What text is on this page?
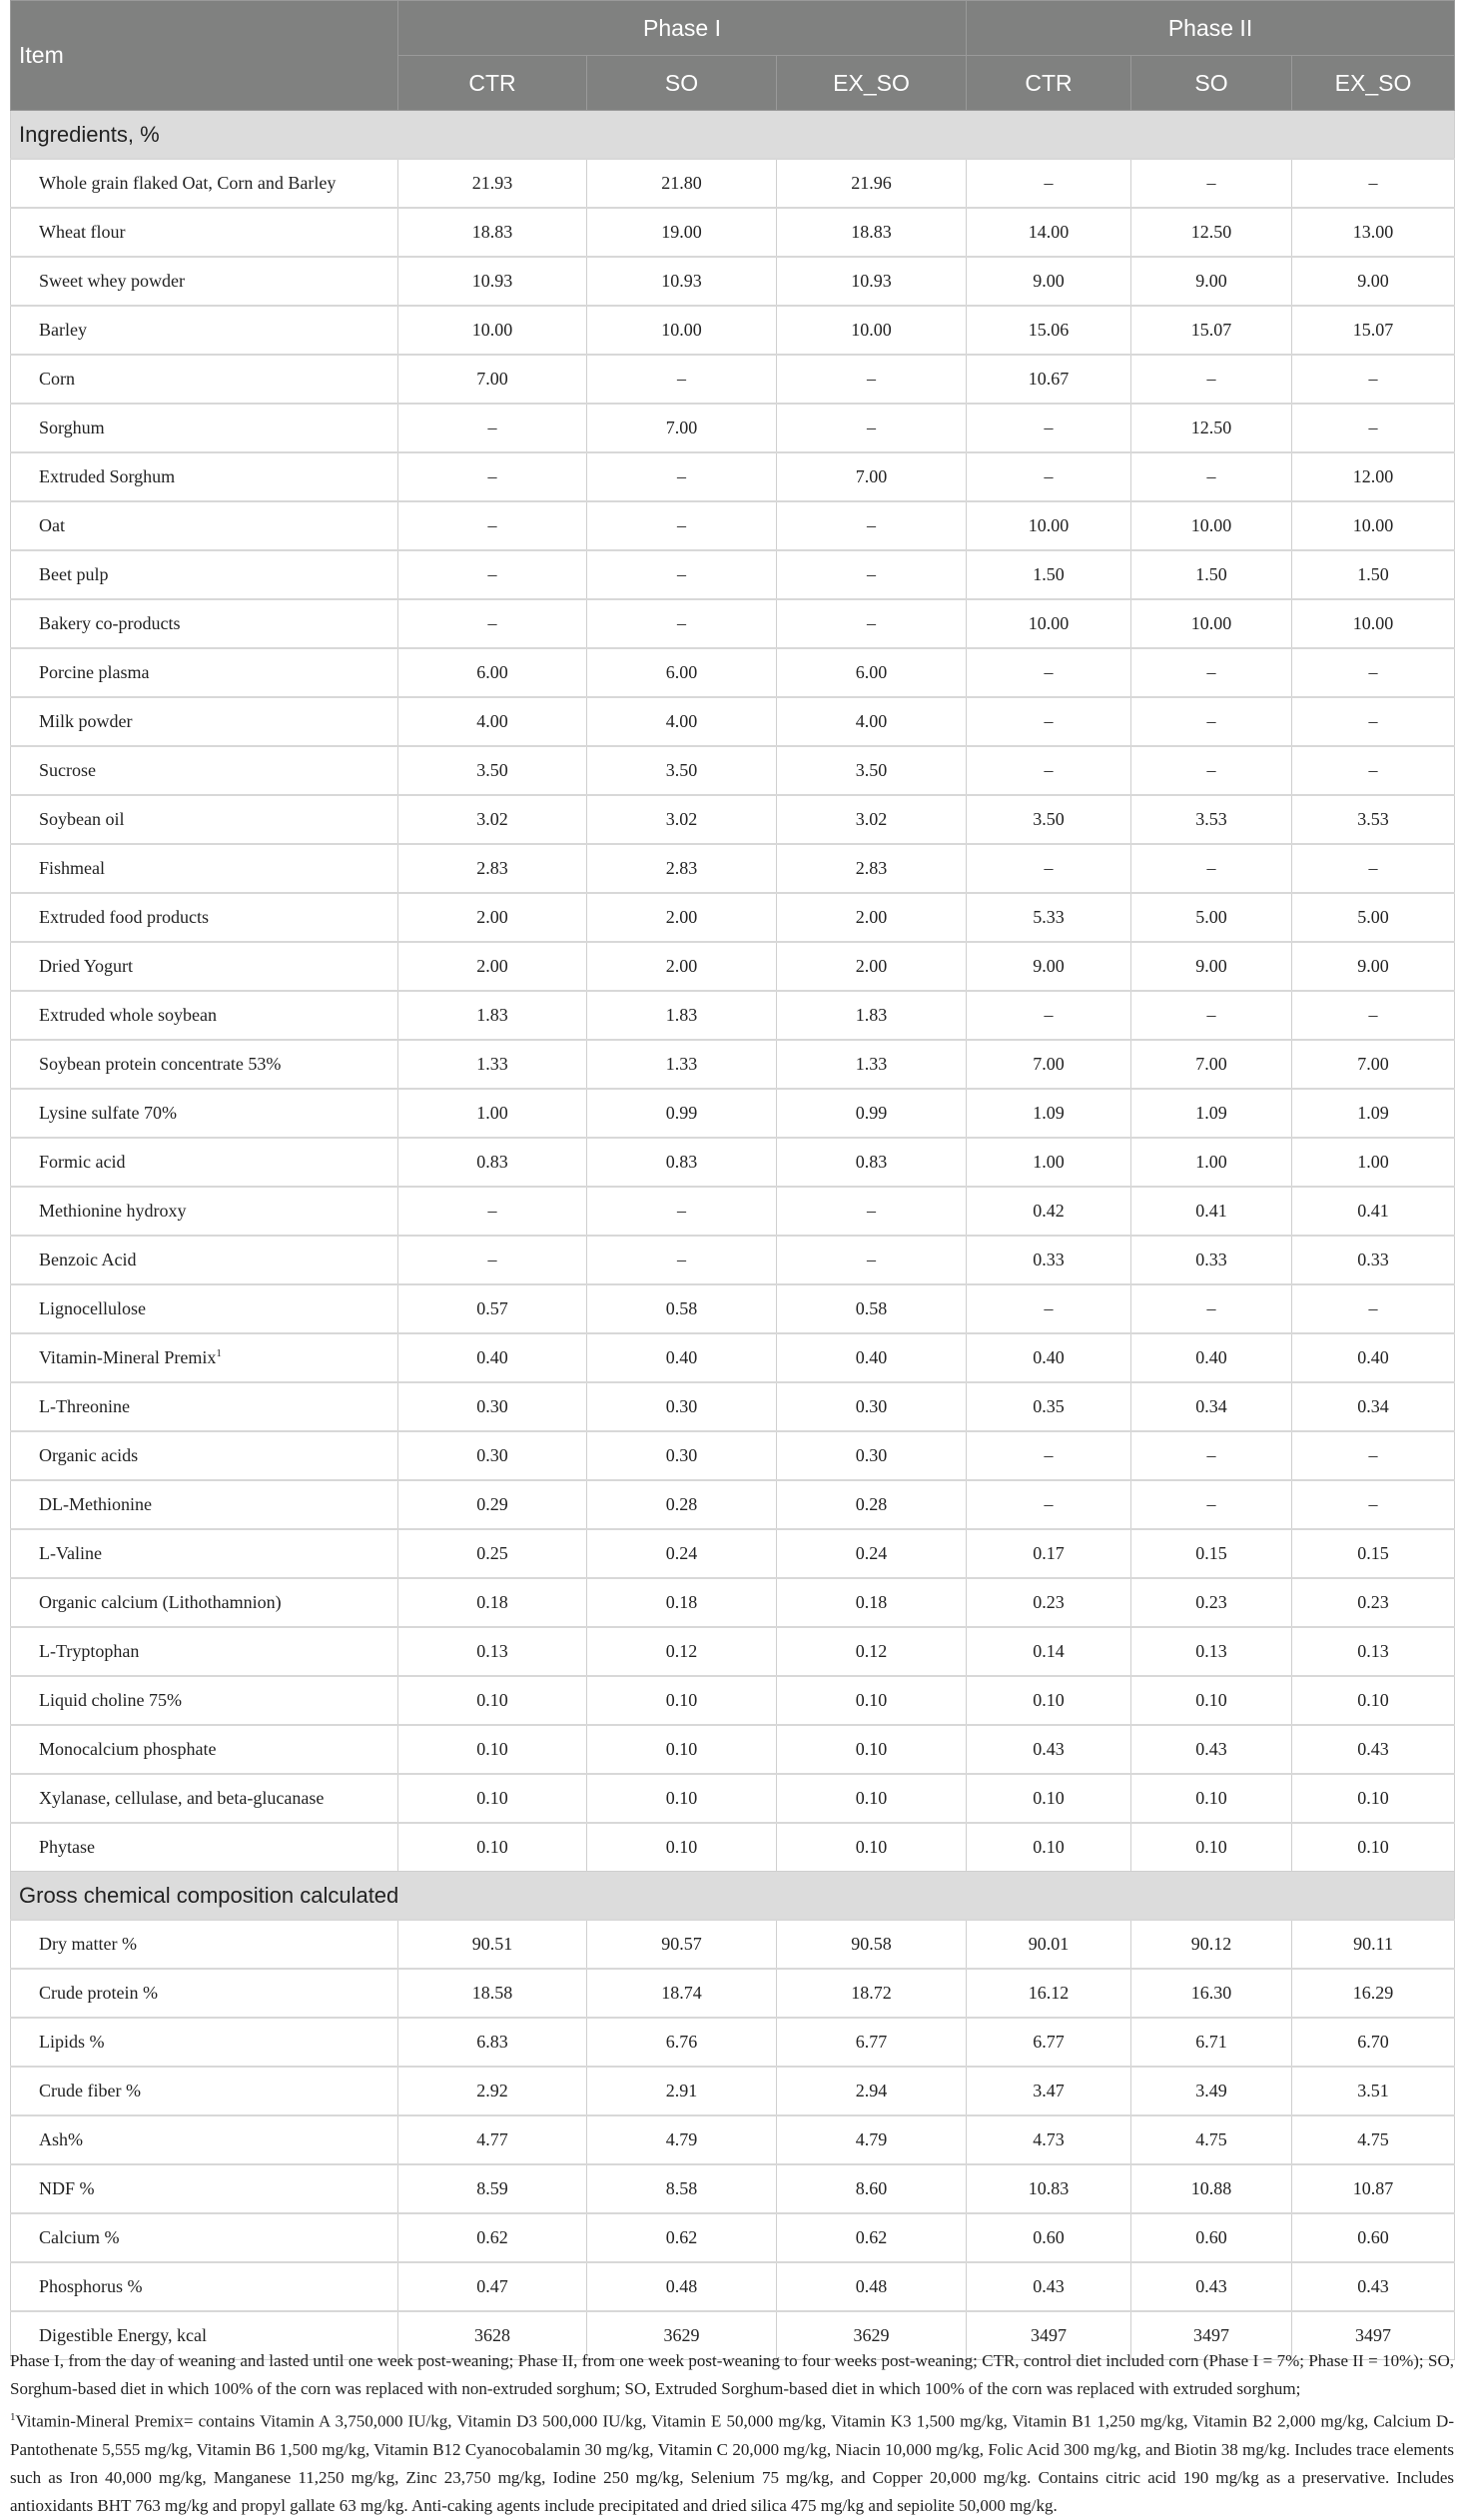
Item	Phase I			Phase II		
	CTR	SO	EX_SO	CTR	SO	EX_SO
Ingredients, %						
Whole grain flaked Oat, Corn and Barley	21.93	21.80	21.96	–	–	–
Wheat flour	18.83	19.00	18.83	14.00	12.50	13.00
Sweet whey powder	10.93	10.93	10.93	9.00	9.00	9.00
Barley	10.00	10.00	10.00	15.06	15.07	15.07
Corn	7.00	–	–	10.67	–	–
Sorghum	–	7.00	–	–	12.50	–
Extruded Sorghum	–	–	7.00	–	–	12.00
Oat	–	–	–	10.00	10.00	10.00
Beet pulp	–	–	–	1.50	1.50	1.50
Bakery co-products	–	–	–	10.00	10.00	10.00
Porcine plasma	6.00	6.00	6.00	–	–	–
Milk powder	4.00	4.00	4.00	–	–	–
Sucrose	3.50	3.50	3.50	–	–	–
Soybean oil	3.02	3.02	3.02	3.50	3.53	3.53
Fishmeal	2.83	2.83	2.83	–	–	–
Extruded food products	2.00	2.00	2.00	5.33	5.00	5.00
Dried Yogurt	2.00	2.00	2.00	9.00	9.00	9.00
Extruded whole soybean	1.83	1.83	1.83	–	–	–
Soybean protein concentrate 53%	1.33	1.33	1.33	7.00	7.00	7.00
Lysine sulfate 70%	1.00	0.99	0.99	1.09	1.09	1.09
Formic acid	0.83	0.83	0.83	1.00	1.00	1.00
Methionine hydroxy	–	–	–	0.42	0.41	0.41
Benzoic Acid	–	–	–	0.33	0.33	0.33
Lignocellulose	0.57	0.58	0.58	–	–	–
Vitamin-Mineral Premix$^1$	0.40	0.40	0.40	0.40	0.40	0.40
L-Threonine	0.30	0.30	0.30	0.35	0.34	0.34
Organic acids	0.30	0.30	0.30	–	–	–
DL-Methionine	0.29	0.28	0.28	–	–	–
L-Valine	0.25	0.24	0.24	0.17	0.15	0.15
Organic calcium (Lithothamnion)	0.18	0.18	0.18	0.23	0.23	0.23
L-Tryptophan	0.13	0.12	0.12	0.14	0.13	0.13
Liquid choline 75%	0.10	0.10	0.10	0.10	0.10	0.10
Monocalcium phosphate	0.10	0.10	0.10	0.43	0.43	0.43
Xylanase, cellulase, and beta-glucanase	0.10	0.10	0.10	0.10	0.10	0.10
Phytase	0.10	0.10	0.10	0.10	0.10	0.10
Gross chemical composition calculated						
Dry matter %	90.51	90.57	90.58	90.01	90.12	90.11
Crude protein %	18.58	18.74	18.72	16.12	16.30	16.29
Lipids %	6.83	6.76	6.77	6.77	6.71	6.70
Crude fiber %	2.92	2.91	2.94	3.47	3.49	3.51
Ash%	4.77	4.79	4.79	4.73	4.75	4.75
NDF %	8.59	8.58	8.60	10.83	10.88	10.87
Calcium %	0.62	0.62	0.62	0.60	0.60	0.60
Phosphorus %	0.47	0.48	0.48	0.43	0.43	0.43
Digestible Energy, kcal	3628	3629	3629	3497	3497	3497

Phase I, from the day of weaning and lasted until one week post-weaning; Phase II, from one week post-weaning to four weeks post-weaning; CTR, control diet included corn (Phase I = 7%; Phase II = 10%); SO, Sorghum-based diet in which 100% of the corn was replaced with non-extruded sorghum; SO, Extruded Sorghum-based diet in which 100% of the corn was replaced with extruded sorghum;

$^1$Vitamin-Mineral Premix= contains Vitamin A 3,750,000 IU/kg, Vitamin D3 500,000 IU/kg, Vitamin E 50,000 mg/kg, Vitamin K3 1,500 mg/kg, Vitamin B1 1,250 mg/kg, Vitamin B2 2,000 mg/kg, Calcium D-Pantothenate 5,555 mg/kg, Vitamin B6 1,500 mg/kg, Vitamin B12 Cyanocobalamin 30 mg/kg, Vitamin C 20,000 mg/kg, Niacin 10,000 mg/kg, Folic Acid 300 mg/kg, and Biotin 38 mg/kg. Includes trace elements such as Iron 40,000 mg/kg, Manganese 11,250 mg/kg, Zinc 23,750 mg/kg, Iodine 250 mg/kg, Selenium 75 mg/kg, and Copper 20,000 mg/kg. Contains citric acid 190 mg/kg as a preservative. Includes antioxidants BHT 763 mg/kg and propyl gallate 63 mg/kg. Anti-caking agents include precipitated and dried silica 475 mg/kg and sepiolite 50,000 mg/kg.
